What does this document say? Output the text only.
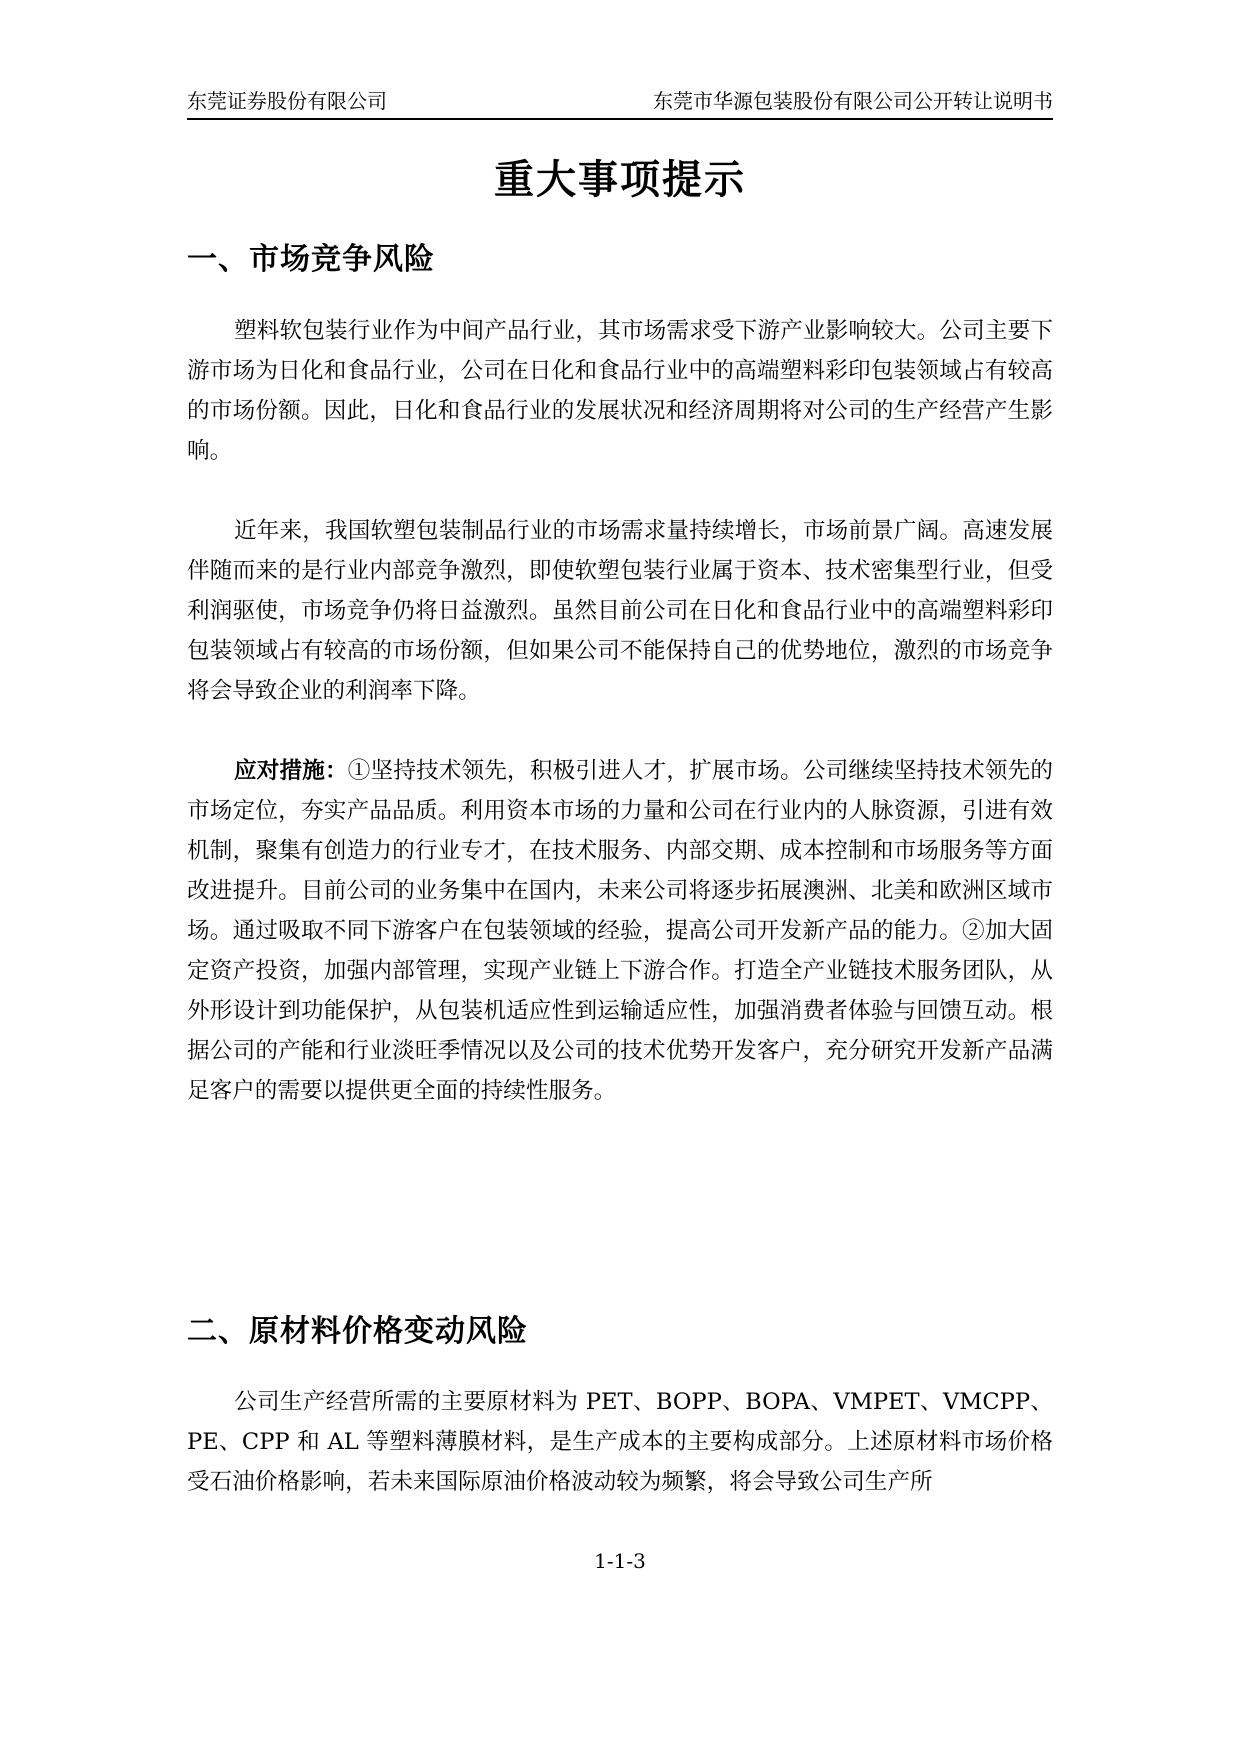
东莞证券股份有限公司	东莞市华源包装股份有限公司公开转让说明书
重大事项提示
一、市场竞争风险

塑料软包装行业作为中间产品行业，其市场需求受下游产业影响较大。公司主要下游市场为日化和食品行业，公司在日化和食品行业中的高端塑料彩印包装领域占有较高的市场份额。因此，日化和食品行业的发展状况和经济周期将对公司的生产经营产生影响。

近年来，我国软塑包装制品行业的市场需求量持续增长，市场前景广阔。高速发展伴随而来的是行业内部竞争激烈，即使软塑包装行业属于资本、技术密集型行业，但受利润驱使，市场竞争仍将日益激烈。虽然目前公司在日化和食品行业中的高端塑料彩印包装领域占有较高的市场份额，但如果公司不能保持自己的优势地位，激烈的市场竞争将会导致企业的利润率下降。

应对措施：①坚持技术领先，积极引进人才，扩展市场。公司继续坚持技术领先的市场定位，夯实产品品质。利用资本市场的力量和公司在行业内的人脉资源，引进有效机制，聚集有创造力的行业专才，在技术服务、内部交期、成本控制和市场服务等方面改进提升。目前公司的业务集中在国内，未来公司将逐步拓展澳洲、北美和欧洲区域市场。通过吸取不同下游客户在包装领域的经验，提高公司开发新产品的能力。②加大固定资产投资，加强内部管理，实现产业链上下游合作。打造全产业链技术服务团队，从外形设计到功能保护，从包装机适应性到运输适应性，加强消费者体验与回馈互动。根据公司的产能和行业淡旺季情况以及公司的技术优势开发客户，充分研究开发新产品满足客户的需要以提供更全面的持续性服务。

二、原材料价格变动风险

公司生产经营所需的主要原材料为 PET、BOPP、BOPA、VMPET、VMCPP、PE、CPP 和 AL 等塑料薄膜材料，是生产成本的主要构成部分。上述原材料市场价格受石油价格影响，若未来国际原油价格波动较为频繁，将会导致公司生产所

1-1-3
